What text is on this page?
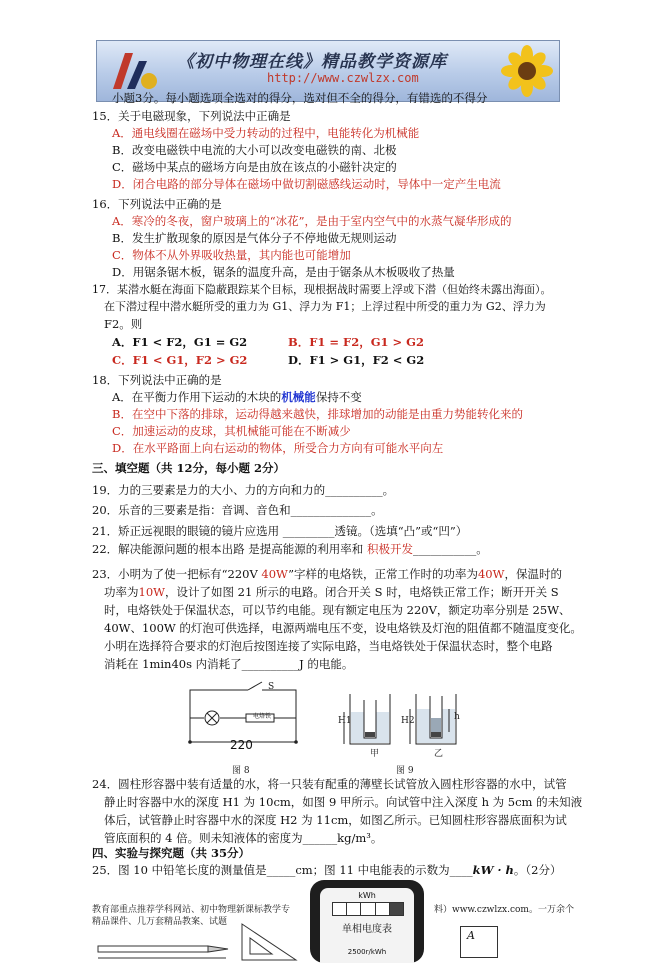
《初中物理在线》精品教学资源库
http://www.czwlzx.com
小题3分。每小题选项全选对的得分，选对但不全的得分，有错选的不得分
15．关于电磁现象，下列说法中正确是
A．通电线圈在磁场中受力转动的过程中，电能转化为机械能
B．改变电磁铁中电流的大小可以改变电磁铁的南、北极
C．磁场中某点的磁场方向是由放在该点的小磁针决定的
D．闭合电路的部分导体在磁场中做切割磁感线运动时，导体中一定产生电流
16．下列说法中正确的是
A．寒冷的冬夜，窗户玻璃上的“冰花”，是由于室内空气中的水蒸气凝华形成的
B．发生扩散现象的原因是气体分子不停地做无规则运动
C．物体不从外界吸收热量，其内能也可能增加
D．用锯条锯木板，锯条的温度升高，是由于锯条从木板吸收了热量
17．某潜水艇在海面下隐蔽跟踪某个目标，现根据战时需要上浮或下潜（但始终未露出海面）。
在下潜过程中潜水艇所受的重力为 G1、浮力为 F1；上浮过程中所受的重力为 G2、浮力为
F2。则
A．F1 < F2，G1 = G2	B．F1 = F2，G1 > G2
C．F1 < G1，F2 > G2	D．F1 > G1，F2 < G2
18．下列说法中正确的是
A．在平衡力作用下运动的木块的机械能保持不变
B．在空中下落的排球，运动得越来越快，排球增加的动能是由重力势能转化来的
C．加速运动的皮球，其机械能可能在不断减少
D．在水平路面上向右运动的物体，所受合力方向有可能水平向左
三、填空题（共 12分，每小题 2分）
19．力的三要素是力的大小、力的方向和力的__________。
20．乐音的三要素是指：音调、音色和______________。
21．矫正远视眼的眼镜的镜片应选用 _________透镜。（选填“凸”或“凹”）
22．解决能源问题的根本出路 是提高能源的利用率和 积极开发___________。
23．小明为了使一把标有“220V 40W”字样的电烙铁，正常工作时的功率为40W，保温时的
功率为10W，设计了如图 21 所示的电路。闭合开关 S 时，电烙铁正常工作；断开开关 S
时，电烙铁处于保温状态，可以节约电能。现有额定电压为 220V，额定功率分别是 25W、
40W、100W 的灯泡可供选择，电源两端电压不变，设电烙铁及灯泡的阻值都不随温度变化。
小明在选择符合要求的灯泡后按图连接了实际电路，当电烙铁处于保温状态时，整个电路
消耗在 1min40s 内消耗了__________J 的电能。
S
电烙铁
220
图 8
H1	H2	h
甲	乙
图 9
24．圆柱形容器中装有适量的水，将一只装有配重的薄壁长试管放入圆柱形容器的水中，试管
静止时容器中水的深度 H1 为 10cm，如图 9 甲所示。向试管中注入深度 h 为 5cm 的未知液
体后，试管静止时容器中水的深度 H2 为 11cm，如图乙所示。已知圆柱形容器底面积为试
管底面积的 4 倍。则未知液体的密度为______kg/m³。
四、实验与探究题（共 35分）
25．图 10 中铅笔长度的测量值是_____cm；图 11 中电能表的示数为____kW · h。（2分）
教育部重点推荐学科网站、初中物理新课标教学专	料）www.czwlzx.com。一万余个
精品课件、几万套精品教案、试题
kWh
单相电度表
2500r/kWh
A
